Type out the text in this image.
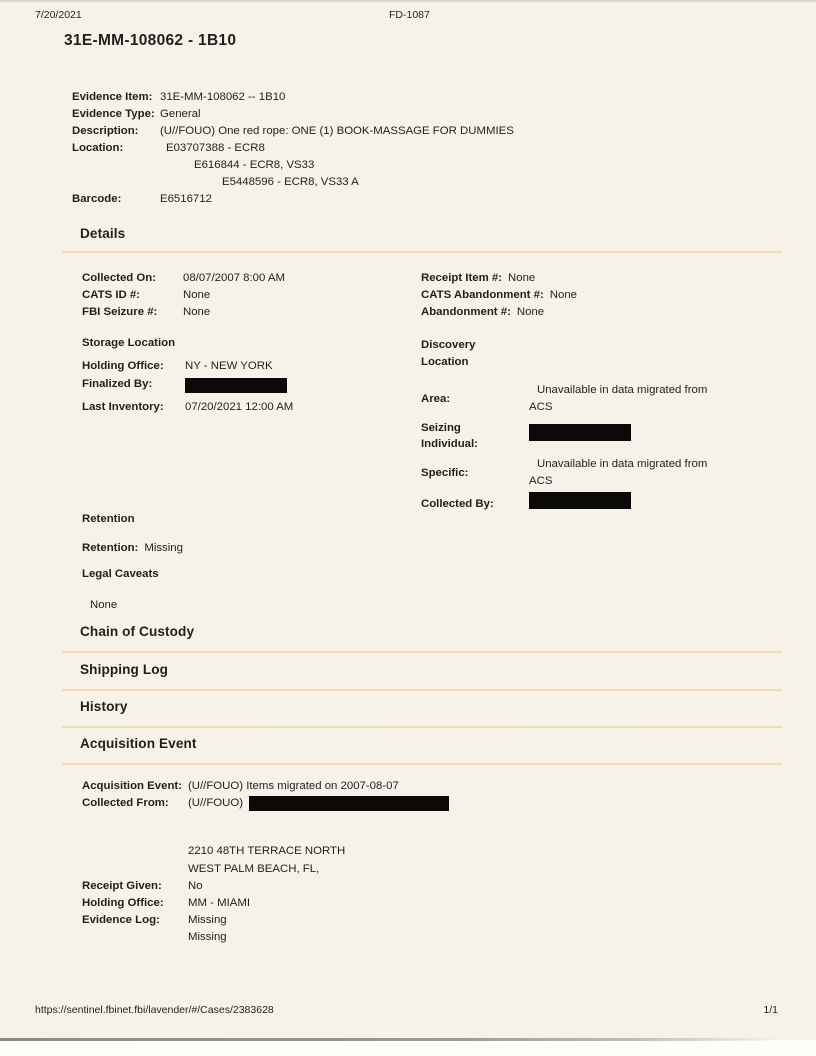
7/20/2021	FD-1087
31E-MM-108062 - 1B10
Evidence Item: 31E-MM-108062 -- 1B10
Evidence Type: General
Description:	(U//FOUO) One red rope: ONE (1) BOOK-MASSAGE FOR DUMMIES
Location:	E03707388 - ECR8
E616844 - ECR8, VS33
E5448596 - ECR8, VS33 A
Barcode:	E6516712
Details
Collected On:	08/07/2007 8:00 AM
CATS ID #:	None
FBI Seizure #:	None
Receipt Item #: None
CATS Abandonment #: None
Abandonment #: None
Storage Location
Holding Office:	NY - NEW YORK
Finalized By:
Last Inventory:	07/20/2021 12:00 AM
Discovery Location
Area:
Unavailable in data migrated from ACS
Seizing Individual:
Specific:
Unavailable in data migrated from ACS
Collected By:
Retention
Retention: Missing
Legal Caveats
None
Chain of Custody
Shipping Log
History
Acquisition Event
Acquisition Event: (U//FOUO) Items migrated on 2007-08-07
Collected From:	(U//FOUO)
2210 48TH TERRACE NORTH
WEST PALM BEACH, FL,
Receipt Given:	No
Holding Office:	MM - MIAMI
Evidence Log:	Missing
Missing
https://sentinel.fbinet.fbi/lavender/#/Cases/2383628	1/1
